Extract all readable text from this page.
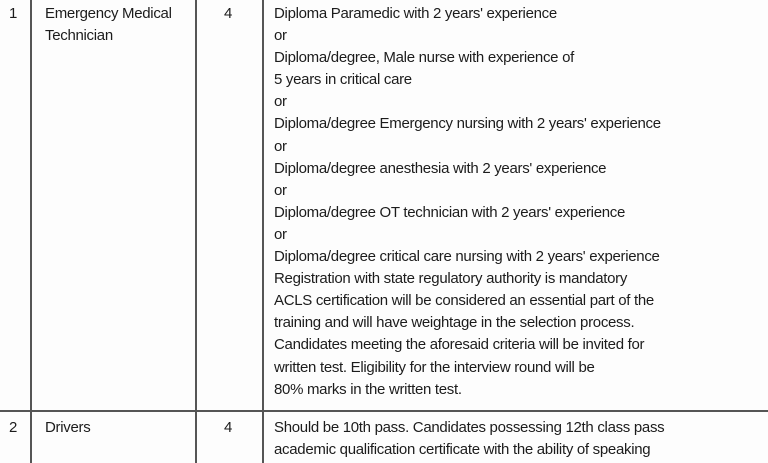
1 Emergency Medical
Technician
4	Diploma Paramedic with 2 years' experience
or
Diploma/degree, Male nurse with experience of
5 years in critical care
or
Diploma/degree Emergency nursing with 2 years' experience
or
Diploma/degree anesthesia with 2 years' experience
or
Diploma/degree OT technician with 2 years' experience
or
Diploma/degree critical care nursing with 2 years' experience
Registration with state regulatory authority is mandatory
ACLS certification will be considered an essential part of the
training and will have weightage in the selection process.
Candidates meeting the aforesaid criteria will be invited for
written test. Eligibility for the interview round will be
80% marks in the written test.
2 Drivers	4	Should be 10th pass. Candidates possessing 12th class pass
academic qualification certificate with the ability of speaking
